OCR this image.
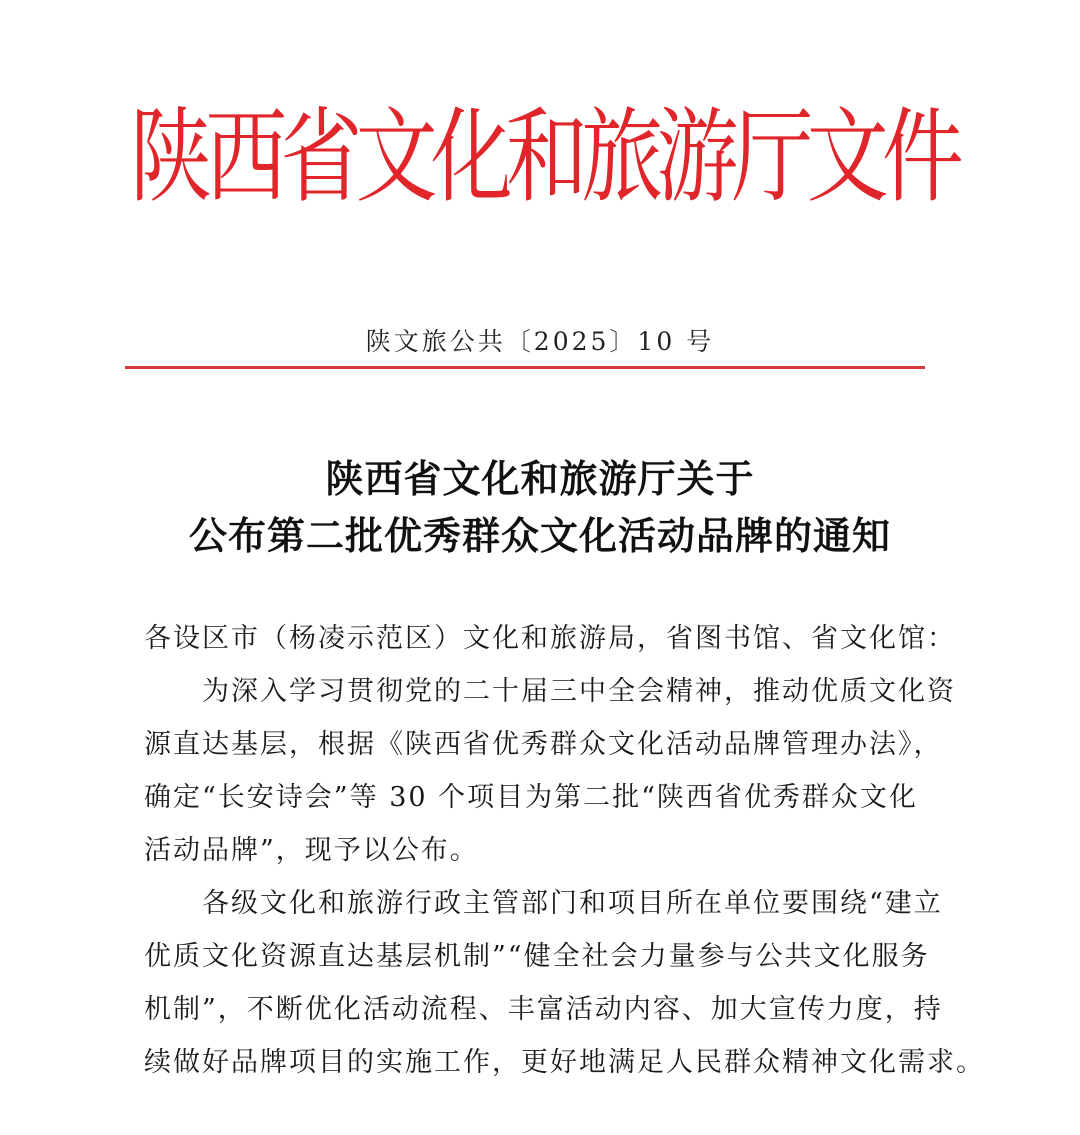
陕
西
省
文
化
和
旅
游
厅
文
件
陕文旅公共〔2025〕10 号
陕西省文化和旅游厅关于
公布第二批优秀群众文化活动品牌的通知

各设区市（杨凌示范区）文化和旅游局，省图书馆、省文化馆：

为深入学习贯彻党的二十届三中全会精神，推动优质文化资
源直达基层，根据《陕西省优秀群众文化活动品牌管理办法》，
确定“长安诗会”等 30 个项目为第二批“陕西省优秀群众文化
活动品牌”，现予以公布。

各级文化和旅游行政主管部门和项目所在单位要围绕“建立
优质文化资源直达基层机制”“健全社会力量参与公共文化服务
机制”，不断优化活动流程、丰富活动内容、加大宣传力度，持
续做好品牌项目的实施工作，更好地满足人民群众精神文化需求。
